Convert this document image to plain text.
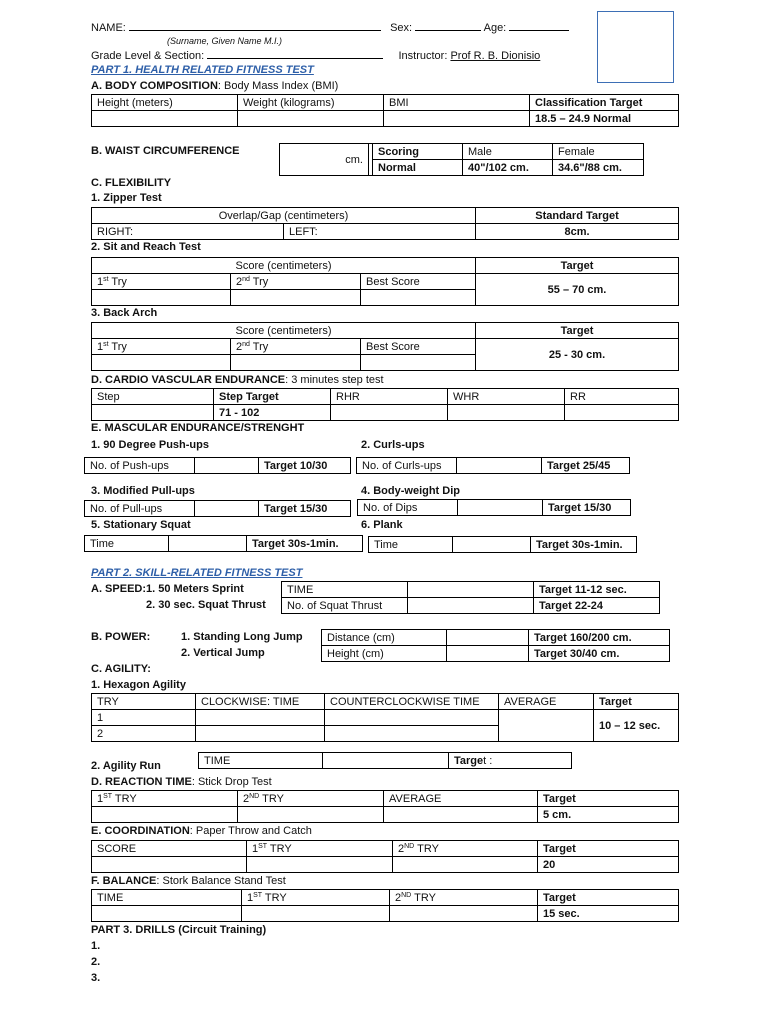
NAME:	Sex:	Age:
(Surname, Given Name M.I.)
Grade Level & Section:	Instructor: Prof R. B. Dionisio
PART 1. HEALTH RELATED FITNESS TEST
A. BODY COMPOSITION: Body Mass Index (BMI)
Height (meters)	Weight (kilograms)	BMI	Classification Target
			18.5 – 24.9 Normal
B. WAIST CIRCUMFERENCE
cm.		Scoring	Male	Female
		Normal	40"/102 cm.	34.6"/88 cm.
C. FLEXIBILITY
1. Zipper Test
Overlap/Gap (centimeters)		Standard Target
RIGHT:	LEFT:	8cm.
2. Sit and Reach Test
Score (centimeters)			Target
1st Try	2nd Try	Best Score	55 – 70 cm.

3. Back Arch
Score (centimeters)			Target
1st Try	2nd Try	Best Score	25 - 30 cm.

D. CARDIO VASCULAR ENDURANCE: 3 minutes step test
Step	Step Target	RHR	WHR	RR
	71 - 102			
E. MASCULAR ENDURANCE/STRENGHT
1. 90 Degree Push-ups	2. Curls-ups
No. of Push-ups		Target 10/30	No. of Curls-ups		Target 25/45
3. Modified Pull-ups	4. Body-weight Dip
No. of Pull-ups		Target 15/30	No. of Dips		Target 15/30
5. Stationary Squat	6. Plank
Time		Target 30s-1min.	Time		Target 30s-1min.
PART 2. SKILL-RELATED FITNESS TEST
A. SPEED: 1. 50 Meters Sprint
2. 30 sec. Squat Thrust
TIME		Target 11-12 sec.
No. of Squat Thrust		Target 22-24
B. POWER:	1. Standing Long Jump
2. Vertical Jump
Distance (cm)		Target 160/200 cm.
Height (cm)		Target 30/40 cm.
C. AGILITY:
1. Hexagon Agility
TRY	CLOCKWISE: TIME	COUNTERCLOCKWISE TIME	AVERAGE	Target
1				10 – 12 sec.
2				
TIME		Target :
2. Agility Run
D. REACTION TIME: Stick Drop Test
1ST TRY	2ND TRY	AVERAGE	Target
			5 cm.
E. COORDINATION: Paper Throw and Catch
SCORE	1ST TRY	2ND TRY	Target
			20
F. BALANCE: Stork Balance Stand Test
TIME	1ST TRY	2ND TRY	Target
			15 sec.
PART 3. DRILLS (Circuit Training)
1.
2.
3.
